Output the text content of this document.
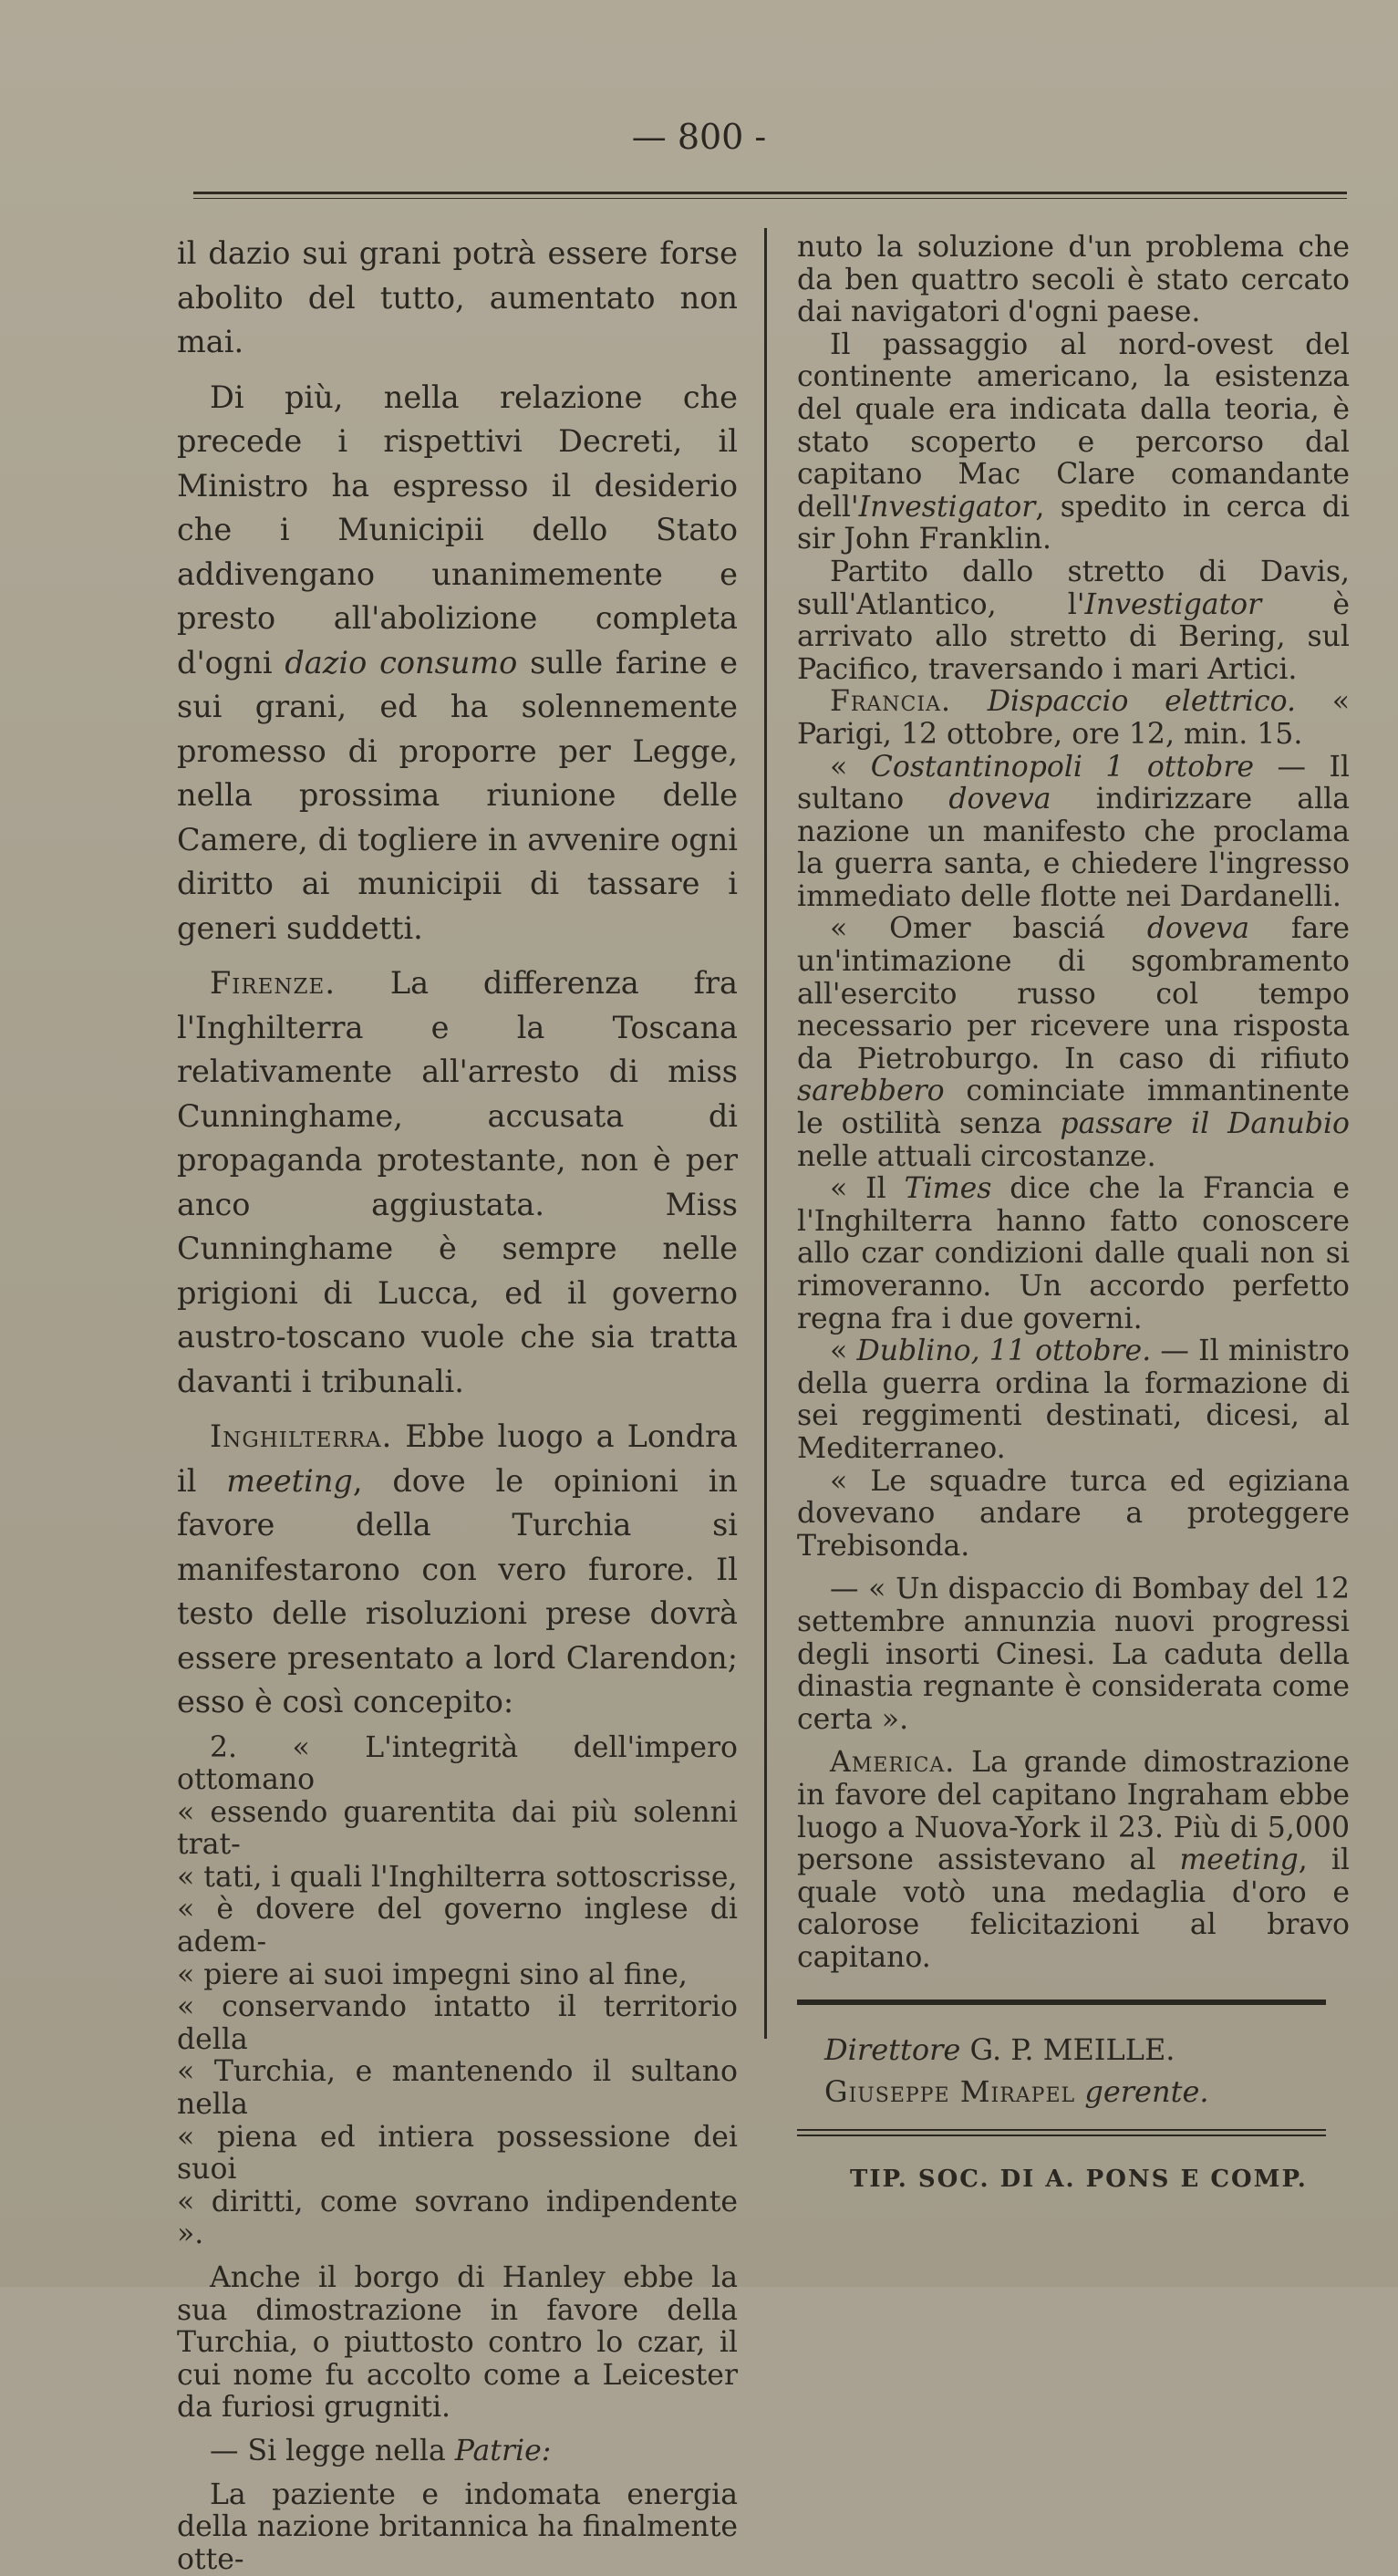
— 800 -

il dazio sui grani potrà essere forse abolito del tutto, aumentato non mai.

Di più, nella relazione che precede i rispettivi Decreti, il Ministro ha espresso il desiderio che i Municipii dello Stato addivengano unanimemente e presto all'abolizione completa d'ogni dazio consumo sulle farine e sui grani, ed ha solennemente promesso di proporre per Legge, nella prossima riunione delle Camere, di togliere in avvenire ogni diritto ai municipii di tassare i generi suddetti.

Firenze. La differenza fra l'Inghilterra e la Toscana relativamente all'arresto di miss Cunninghame, accusata di propaganda protestante, non è per anco aggiustata. Miss Cunninghame è sempre nelle prigioni di Lucca, ed il governo austro-toscano vuole che sia tratta davanti i tribunali.

Inghilterra. Ebbe luogo a Londra il meeting, dove le opinioni in favore della Turchia si manifestarono con vero furore. Il testo delle risoluzioni prese dovrà essere presentato a lord Clarendon; esso è così concepito:

2. « L'integrità dell'impero ottomano
« essendo guarentita dai più solenni trat-
« tati, i quali l'Inghilterra sottoscrisse,
« è dovere del governo inglese di adem-
« piere ai suoi impegni sino al fine,
« conservando intatto il territorio della
« Turchia, e mantenendo il sultano nella
« piena ed intiera possessione dei suoi
« diritti, come sovrano indipendente ».

Anche il borgo di Hanley ebbe la sua dimostrazione in favore della Turchia, o piuttosto contro lo czar, il cui nome fu accolto come a Leicester da furiosi grugniti.

— Si legge nella Patrie:

La paziente e indomata energia della nazione britannica ha finalmente otte-

nuto la soluzione d'un problema che da ben quattro secoli è stato cercato dai navigatori d'ogni paese.

Il passaggio al nord-ovest del continente americano, la esistenza del quale era indicata dalla teoria, è stato scoperto e percorso dal capitano Mac Clare comandante dell'Investigator, spedito in cerca di sir John Franklin.

Partito dallo stretto di Davis, sull'Atlantico, l'Investigator è arrivato allo stretto di Bering, sul Pacifico, traversando i mari Artici.

Francia. Dispaccio elettrico. « Parigi, 12 ottobre, ore 12, min. 15.

« Costantinopoli 1 ottobre — Il sultano doveva indirizzare alla nazione un manifesto che proclama la guerra santa, e chiedere l'ingresso immediato delle flotte nei Dardanelli.

« Omer basciá doveva fare un'intimazione di sgombramento all'esercito russo col tempo necessario per ricevere una risposta da Pietroburgo. In caso di rifiuto sarebbero cominciate immantinente le ostilità senza passare il Danubio nelle attuali circostanze.

« Il Times dice che la Francia e l'Inghilterra hanno fatto conoscere allo czar condizioni dalle quali non si rimoveranno. Un accordo perfetto regna fra i due governi.

« Dublino, 11 ottobre. — Il ministro della guerra ordina la formazione di sei reggimenti destinati, dicesi, al Mediterraneo.

« Le squadre turca ed egiziana dovevano andare a proteggere Trebisonda.

— « Un dispaccio di Bombay del 12 settembre annunzia nuovi progressi degli insorti Cinesi. La caduta della dinastia regnante è considerata come certa ».

America. La grande dimostrazione in favore del capitano Ingraham ebbe luogo a Nuova-York il 23. Più di 5,000 persone assistevano al meeting, il quale votò una medaglia d'oro e calorose felicitazioni al bravo capitano.

Direttore G. P. MEILLE.
Giuseppe Mirapel gerente.
TIP. SOC. DI A. PONS E COMP.
